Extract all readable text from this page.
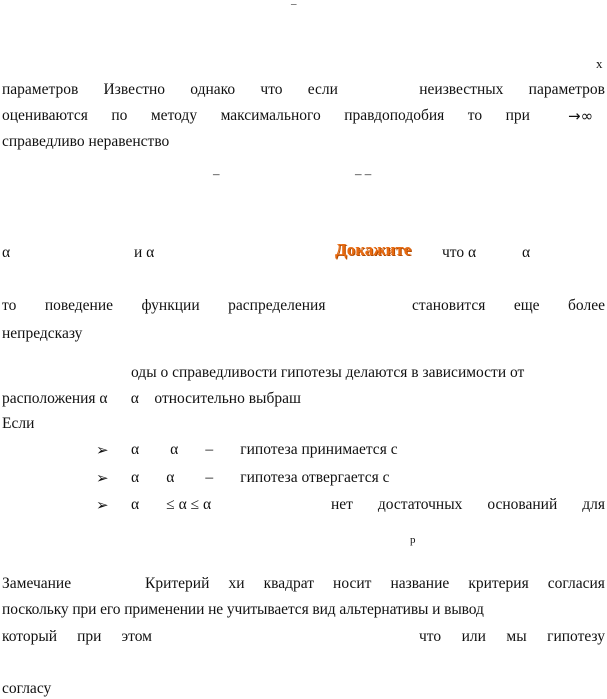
–
x
параметров Известно однако что если	неизвестных параметров
оцениваются по методу максимального правдоподобия то при	→∞
справедливо неравенство
–	– –
α	и α	Докажите что α	α
то поведение функции распределения	становится еще более
непредсказу
оды о справедливости гипотезы делаются в зависимости от
расположения α      α    относительно выбраш
Если
➢ α        α       –       гипотеза принимается с
➢ α       α        –       гипотеза отвергается с
➢ α       ≤ α ≤ α	нет достаточных оснований для
р
Замечание	Критерий хи квадрат носит название критерия согласия
поскольку при его применении не учитывается вид альтернативы и вывод
который при этом	что или мы гипотезу
согласу
